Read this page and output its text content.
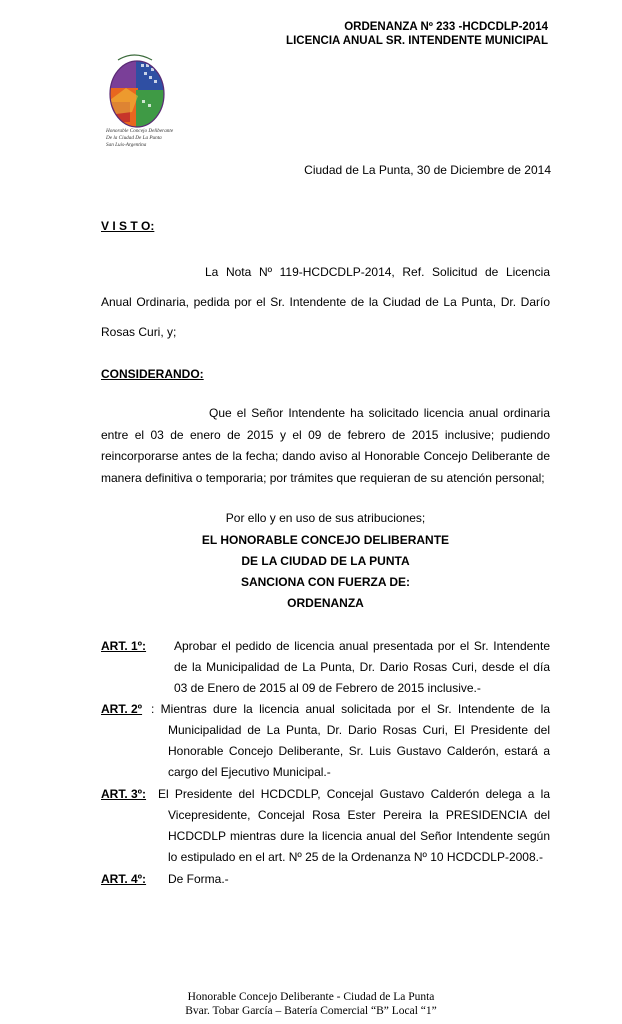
ORDENANZA Nº 233 -HCDCDLP-2014
LICENCIA ANUAL SR. INTENDENTE MUNICIPAL
Honorable Concejo Deliberante
De la Ciudad De La Punta
San Luis-Argentina
Ciudad de La Punta, 30 de Diciembre de 2014
V I S T O:
La Nota Nº 119-HCDCDLP-2014, Ref. Solicitud de Licencia Anual Ordinaria, pedida por el Sr. Intendente de la Ciudad de La Punta, Dr. Darío Rosas Curi, y;
CONSIDERANDO:
Que el Señor Intendente ha solicitado licencia anual ordinaria entre el 03 de enero de 2015 y el 09 de febrero de 2015 inclusive; pudiendo reincorporarse antes de la fecha; dando aviso al Honorable Concejo Deliberante de manera definitiva o temporaria; por trámites que requieran de su atención personal;
Por ello y en uso de sus atribuciones;
EL HONORABLE CONCEJO DELIBERANTE
DE LA CIUDAD DE LA PUNTA
SANCIONA CON FUERZA DE:
ORDENANZA
ART. 1º:	Aprobar el pedido de licencia anual presentada por el Sr. Intendente de la Municipalidad de La Punta, Dr. Dario Rosas Curi, desde el día 03 de Enero de 2015 al 09 de Febrero de 2015 inclusive.-
ART. 2º : Mientras dure la licencia anual solicitada por el Sr. Intendente de la Municipalidad de La Punta, Dr. Dario Rosas Curi, El Presidente del Honorable Concejo Deliberante, Sr. Luis Gustavo Calderón, estará a cargo del Ejecutivo Municipal.-
ART. 3º: El Presidente del HCDCDLP, Concejal Gustavo Calderón delega a la Vicepresidente, Concejal Rosa Ester Pereira la PRESIDENCIA del HCDCDLP mientras dure la licencia anual del Señor Intendente según lo estipulado en el art. Nº 25 de la Ordenanza Nº 10 HCDCDLP-2008.-
ART. 4º: De Forma.-
Honorable Concejo Deliberante - Ciudad de La Punta
Bvar. Tobar García – Batería Comercial “B” Local “1”
